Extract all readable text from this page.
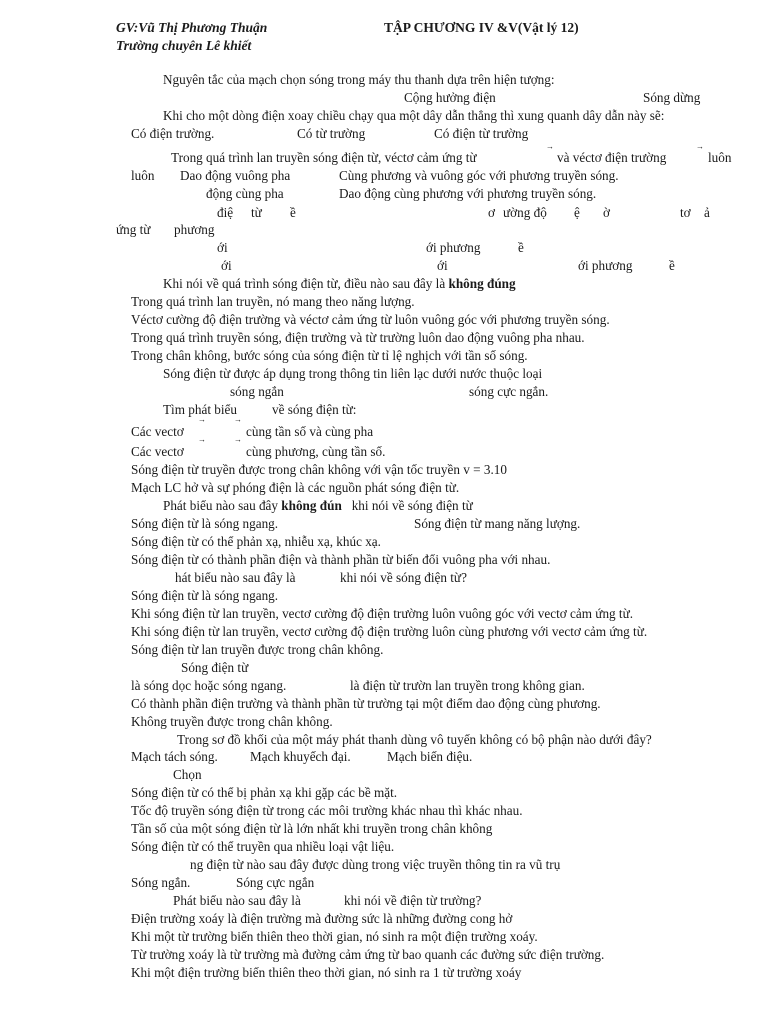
GV:Vũ Thị Phương Thuận	TẬP CHƯƠNG IV &V(Vật lý 12)
Trường chuyên Lê khiết
Nguyên tắc của mạch chọn sóng trong máy thu thanh dựa trên hiện tượng:
Cộng hưởng điện	Sóng dừng
Khi cho một dòng điện xoay chiều chạy qua một dây dẫn thẳng thì xung quanh dây dẫn này sẽ:
Có điện trường.	Có từ trường	Có điện từ trường
Trong quá trình lan truyền sóng điện từ, véctơ cảm ứng từ
→
và véctơ điện trường
→
luôn
luôn Dao động vuông pha	Cùng phương và vuông góc với phương truyền sóng.
động cùng pha	Dao động cùng phương với phương truyền sóng.
điệ từ ề	ơ ường độ ệ ờ	tơ ả
ứng từ phương
ới	ới phương	ề
ới	ới	ới phương	ề
Khi nói về quá trình sóng điện từ, điều nào sau đây là không đúng
Trong quá trình lan truyền, nó mang theo năng lượng.
Véctơ cường độ điện trường và véctơ cảm ứng từ luôn vuông góc với phương truyền sóng.
Trong quá trình truyền sóng, điện trường và từ trường luôn dao động vuông pha nhau.
Trong chân không, bước sóng của sóng điện từ tỉ lệ nghịch với tần số sóng.
Sóng điện từ được áp dụng trong thông tin liên lạc dưới nước thuộc loại
sóng ngắn	sóng cực ngắn.
Tìm phát biểu	về sóng điện từ:
Các vectơ
→	→
cùng tần số và cùng pha
Các vectơ
→	→
cùng phương, cùng tần số.
Sóng điện từ truyền được trong chân không với vận tốc truyền v = 3.10
Mạch LC hở và sự phóng điện là các nguồn phát sóng điện từ.
Phát biểu nào sau đây không đún khi nói về sóng điện từ
Sóng điện từ là sóng ngang.	Sóng điện từ mang năng lượng.
Sóng điện từ có thể phản xạ, nhiễu xạ, khúc xạ.
Sóng điện từ có thành phần điện và thành phần từ biến đổi vuông pha với nhau.
hát biểu nào sau đây là	khi nói về sóng điện từ?
Sóng điện từ là sóng ngang.
Khi sóng điện từ lan truyền, vectơ cường độ điện trường luôn vuông góc với vectơ cảm ứng từ.
Khi sóng điện từ lan truyền, vectơ cường độ điện trường luôn cùng phương với vectơ cảm ứng từ.
Sóng điện từ lan truyền được trong chân không.
Sóng điện từ
là sóng dọc hoặc sóng ngang.	là điện từ trườn lan truyền trong không gian.
Có thành phần điện trường và thành phần từ trường tại một điểm dao động cùng phương.
Không truyền được trong chân không.
Trong sơ đồ khối của một máy phát thanh dùng vô tuyến không có bộ phận nào dưới đây?
Mạch tách sóng. Mạch khuyếch đại.	Mạch biến điệu.
Chọn
Sóng điện từ có thể bị phản xạ khi gặp các bề mặt.
Tốc độ truyền sóng điện từ trong các môi trường khác nhau thì khác nhau.
Tần số của một sóng điện từ là lớn nhất khi truyền trong chân không
Sóng điện từ có thể truyền qua nhiều loại vật liệu.
ng điện từ nào sau đây được dùng trong việc truyền thông tin ra vũ trụ
Sóng ngắn.	Sóng cực ngắn
Phát biểu nào sau đây là	khi nói về điện từ trường?
Điện trường xoáy là điện trường mà đường sức là những đường cong hở
Khi một từ trường biến thiên theo thời gian, nó sinh ra một điện trường xoáy.
Từ trường xoáy là từ trường mà đường cảm ứng từ bao quanh các đường sức điện trường.
Khi một điện trường biến thiên theo thời gian, nó sinh ra 1 từ trường xoáy
